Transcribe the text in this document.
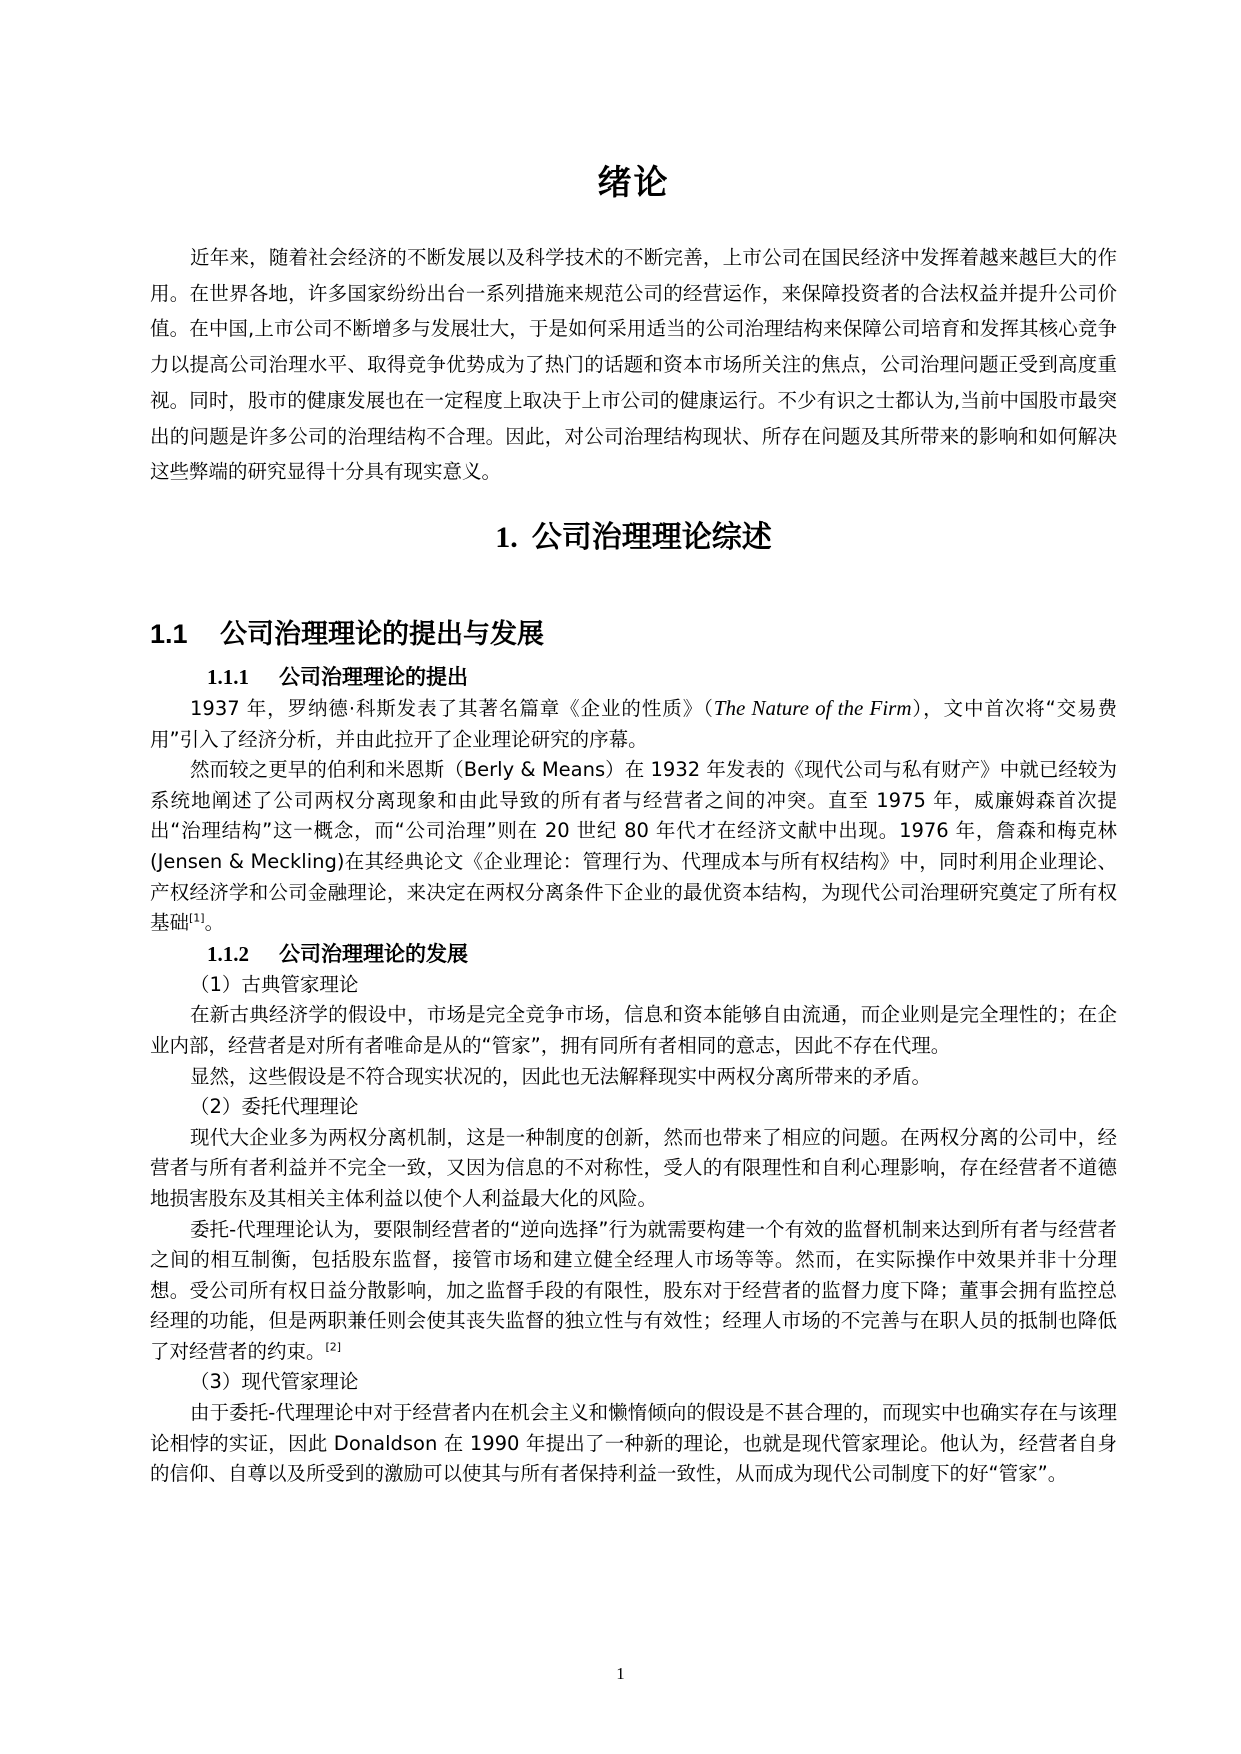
绪论

近年来，随着社会经济的不断发展以及科学技术的不断完善，上市公司在国民经济中发挥着越来越巨大的作用。在世界各地，许多国家纷纷出台一系列措施来规范公司的经营运作，来保障投资者的合法权益并提升公司价值。在中国,上市公司不断增多与发展壮大，于是如何采用适当的公司治理结构来保障公司培育和发挥其核心竞争力以提高公司治理水平、取得竞争优势成为了热门的话题和资本市场所关注的焦点，公司治理问题正受到高度重视。同时，股市的健康发展也在一定程度上取决于上市公司的健康运行。不少有识之士都认为,当前中国股市最突出的问题是许多公司的治理结构不合理。因此，对公司治理结构现状、所存在问题及其所带来的影响和如何解决这些弊端的研究显得十分具有现实意义。

1. 公司治理理论综述
1.1 公司治理理论的提出与发展
1.1.1 公司治理理论的提出

1937 年，罗纳德·科斯发表了其著名篇章《企业的性质》（The Nature of the Firm），文中首次将“交易费用”引入了经济分析，并由此拉开了企业理论研究的序幕。

然而较之更早的伯利和米恩斯（Berly & Means）在 1932 年发表的《现代公司与私有财产》中就已经较为系统地阐述了公司两权分离现象和由此导致的所有者与经营者之间的冲突。直至 1975 年，威廉姆森首次提出“治理结构”这一概念，而“公司治理”则在 20 世纪 80 年代才在经济文献中出现。1976 年，詹森和梅克林(Jensen & Meckling)在其经典论文《企业理论：管理行为、代理成本与所有权结构》中，同时利用企业理论、产权经济学和公司金融理论，来决定在两权分离条件下企业的最优资本结构，为现代公司治理研究奠定了所有权基础[1]。

1.1.2 公司治理理论的发展

（1）古典管家理论

在新古典经济学的假设中，市场是完全竞争市场，信息和资本能够自由流通，而企业则是完全理性的；在企业内部，经营者是对所有者唯命是从的“管家”，拥有同所有者相同的意志，因此不存在代理。

显然，这些假设是不符合现实状况的，因此也无法解释现实中两权分离所带来的矛盾。

（2）委托代理理论

现代大企业多为两权分离机制，这是一种制度的创新，然而也带来了相应的问题。在两权分离的公司中，经营者与所有者利益并不完全一致，又因为信息的不对称性，受人的有限理性和自利心理影响，存在经营者不道德地损害股东及其相关主体利益以使个人利益最大化的风险。

委托-代理理论认为，要限制经营者的“逆向选择”行为就需要构建一个有效的监督机制来达到所有者与经营者之间的相互制衡，包括股东监督，接管市场和建立健全经理人市场等等。然而，在实际操作中效果并非十分理想。受公司所有权日益分散影响，加之监督手段的有限性，股东对于经营者的监督力度下降；董事会拥有监控总经理的功能，但是两职兼任则会使其丧失监督的独立性与有效性；经理人市场的不完善与在职人员的抵制也降低了对经营者的约束。[2]

（3）现代管家理论

由于委托-代理理论中对于经营者内在机会主义和懒惰倾向的假设是不甚合理的，而现实中也确实存在与该理论相悖的实证，因此 Donaldson 在 1990 年提出了一种新的理论，也就是现代管家理论。他认为，经营者自身的信仰、自尊以及所受到的激励可以使其与所有者保持利益一致性，从而成为现代公司制度下的好“管家”。

1
